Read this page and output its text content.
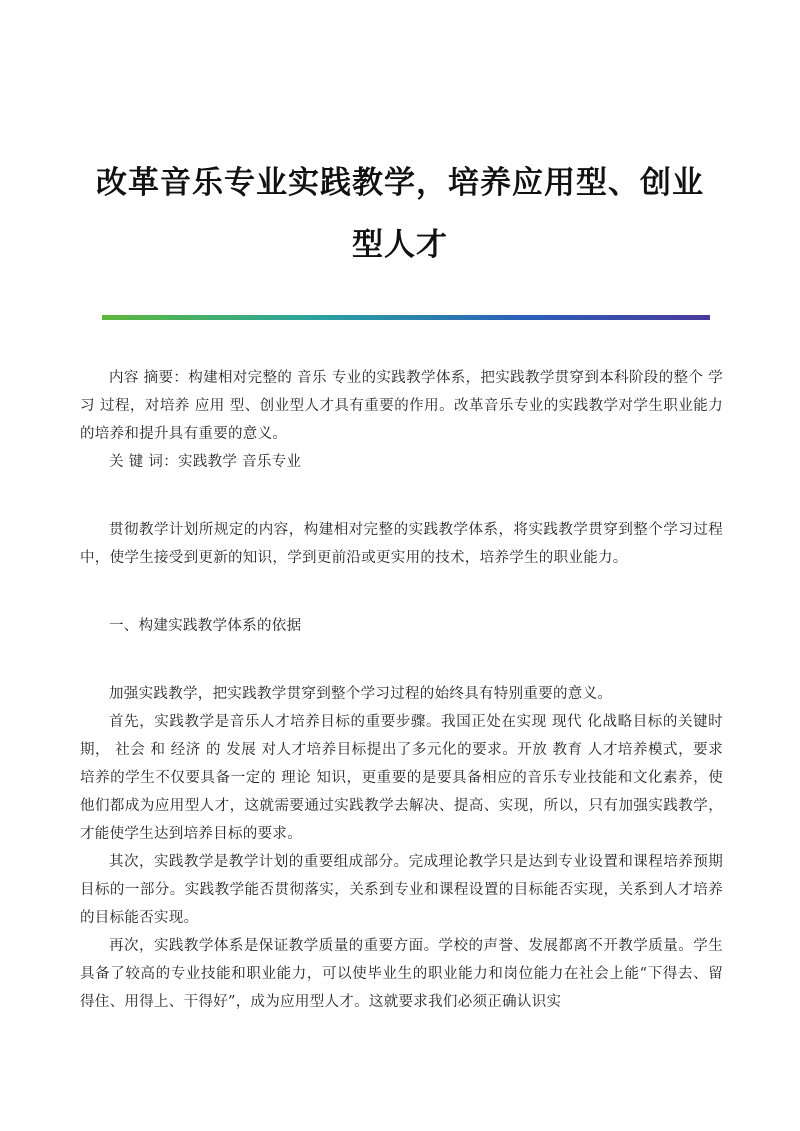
改革音乐专业实践教学，培养应用型、创业
型人才

内容 摘要：构建相对完整的 音乐 专业的实践教学体系，把实践教学贯穿到本科阶段的整个 学习 过程，对培养 应用 型、创业型人才具有重要的作用。改革音乐专业的实践教学对学生职业能力的培养和提升具有重要的意义。

关 键 词：实践教学 音乐专业

贯彻教学计划所规定的内容，构建相对完整的实践教学体系，将实践教学贯穿到整个学习过程中，使学生接受到更新的知识，学到更前沿或更实用的技术，培养学生的职业能力。

一、构建实践教学体系的依据

加强实践教学，把实践教学贯穿到整个学习过程的始终具有特别重要的意义。

首先，实践教学是音乐人才培养目标的重要步骤。我国正处在实现 现代 化战略目标的关键时期， 社会 和 经济 的 发展 对人才培养目标提出了多元化的要求。开放 教育 人才培养模式，要求培养的学生不仅要具备一定的 理论 知识，更重要的是要具备相应的音乐专业技能和文化素养，使他们都成为应用型人才，这就需要通过实践教学去解决、提高、实现，所以，只有加强实践教学，才能使学生达到培养目标的要求。

其次，实践教学是教学计划的重要组成部分。完成理论教学只是达到专业设置和课程培养预期目标的一部分。实践教学能否贯彻落实，关系到专业和课程设置的目标能否实现，关系到人才培养的目标能否实现。

再次，实践教学体系是保证教学质量的重要方面。学校的声誉、发展都离不开教学质量。学生具备了较高的专业技能和职业能力，可以使毕业生的职业能力和岗位能力在社会上能“下得去、留得住、用得上、干得好”，成为应用型人才。这就要求我们必须正确认识实
